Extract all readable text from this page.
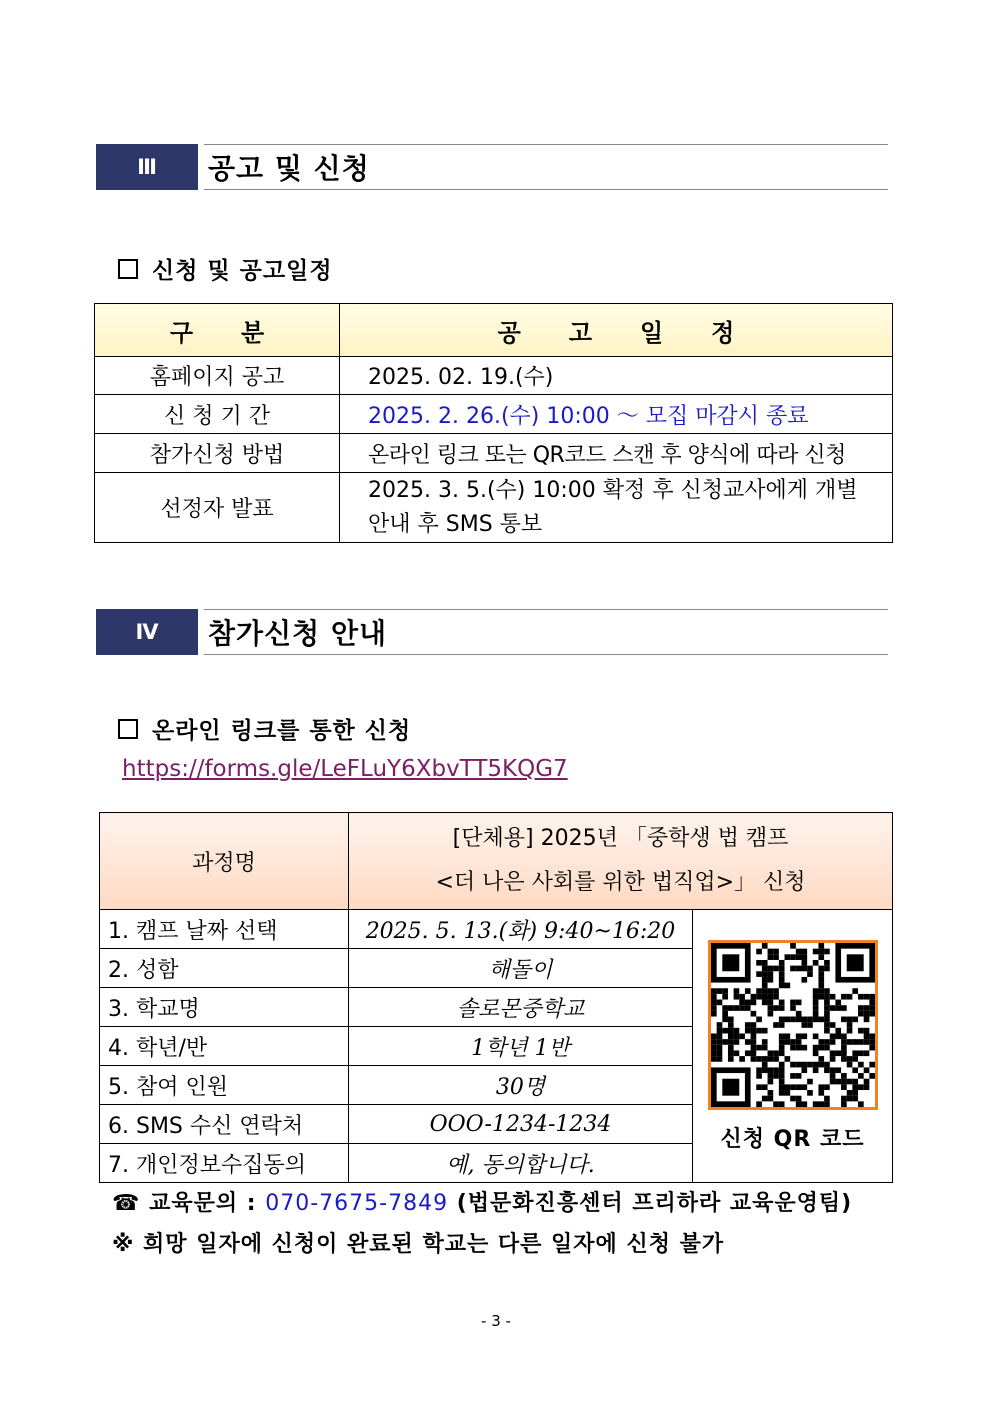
Ⅲ	공고 및 신청
신청 및 공고일정
구　　분	공　　고　　일　　정
홈페이지 공고	2025. 02. 19.(수)
신 청 기 간	2025. 2. 26.(수) 10:00 ～ 모집 마감시 종료
참가신청 방법	온라인 링크 또는 QR코드 스캔 후 양식에 따라 신청
선정자 발표	2025. 3. 5.(수) 10:00 확정 후 신청교사에게 개별
안내 후 SMS 통보
Ⅳ	참가신청 안내
온라인 링크를 통한 신청
https://forms.gle/LeFLuY6XbvTT5KQG7
과정명	[단체용] 2025년 「중학생 법 캠프
<더 나은 사회를 위한 법직업>」 신청	

1. 캠프 날짜 선택	2025. 5. 13.(화) 9:40~16:20	신청 QR 코드

2. 성함	해돌이	
3. 학교명	솔로몬중학교	
4. 학년/반	1학년 1반	
5. 참여 인원	30명	
6. SMS 수신 연락처	OOO-1234-1234	
7. 개인정보수집동의	예, 동의합니다.	
☎ 교육문의 : 070-7675-7849 (법문화진흥센터 프리하라 교육운영팀)
※ 희망 일자에 신청이 완료된 학교는 다른 일자에 신청 불가
- 3 -
